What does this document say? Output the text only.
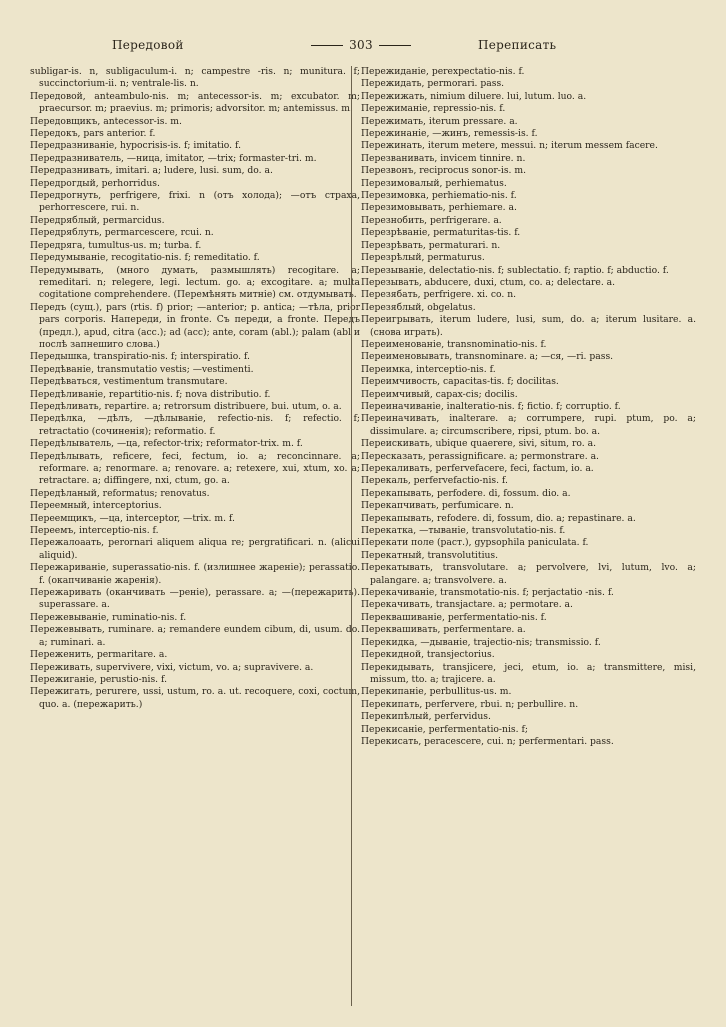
Передовой	303	Переписать

subligar-is. n, subligaculum-i. n; campestre -ris. n; munitura. f; succinctorium-ii. n; ventrale-lis. n.

Передовой, anteambulo-nis. m; antecessor-is. m; excubator. m; praecursor. m; praevius. m; primoris; advorsitor. m; antemissus. m.

Передовщикъ, antecessor-is. m.

Передокъ, pars anterior. f.

Передразниваніе, hypocrisis-is. f; imitatio. f.

Передразниватель, —ница, imitator, —trix; formaster-tri. m.

Передразнивать, imitari. a; ludere, lusi. sum, do. a.

Передрогдый, perhorridus.

Передрогнуть, perfrigere, frixi. n (отъ холода); —отъ страха, perhorrescere, rui. n.

Передряблый, permarcidus.

Передряблуть, permarcescere, rcui. n.

Передряга, tumultus-us. m; turba. f.

Передумываніе, recogitatio-nis. f; remeditatio. f.

Передумывать, (много думать, размышлять) recogitare. a; remeditari. n; relegere, legi. lectum. go. a; excogitare. a; multa cogitatione comprehendere. (Перемѣнять митніе) см. отдумывать.

Передъ (сущ.), pars (rtis. f) prior; —anterior; p. antica; —тѣла, prior pars corporis. Напереди, in fronte. Съ переди, a fronte. Передъ (предл.), apud, citra (acc.); ad (acc); ante, coram (abl.); palam (abl и послѣ запнешиго слова.)

Передышка, transpiratio-nis. f; interspiratio. f.

Передѣваніе, transmutatio vestis; —vestimenti.

Передѣваться, vestimentum transmutare.

Передѣливаніе, repartitio-nis. f; nova distributio. f.

Передѣливать, repartire. a; retrorsum distribuere, bui. utum, o. a.

Передѣлка, —дѣлъ, —дѣлываніе, refectio-nis. f; refectio. f; retractatio (сочиненія); reformatio. f.

Передѣлыватель, —ца, refector-trix; reformator-trix. m. f.

Передѣлывать, reficere, feci, fectum, io. a; reconcinnare. a; reformare. a; renormare. a; renovare. a; retexere, xui, xtum, xo. a; retractare. a; diffingere, nxi, ctum, go. a.

Передѣланый, reformatus; renovatus.

Переемный, interceptorius.

Переемщикъ, —ца, interceptor, —trix. m. f.

Переемъ, interceptio-nis. f.

Пережалоаать, perornari aliquem aliqua re; pergratificari. n. (alicui aliquid).

Пережариваніе, superassatio-nis. f. (излишнее жареніе); perassatio. f. (окапчиваніе жаренія).

Пережаривать (оканчивать —реніе), perassare. a; —(пережарить). superassare. a.

Пережевываніе, ruminatio-nis. f.

Пережевывать, ruminare. a; remandere eundem cibum, di, usum. do. a; ruminari. a.

Переженить, permaritare. a.

Переживать, supervivere, vixi, victum, vo. a; supravivere. a.

Пережиганіе, perustio-nis. f.

Пережигать, perurere, ussi, ustum, ro. a. ut. recoquere, coxi, coctum, quo. a. (пережарить.)

Пережиданіе, perexpectatio-nis. f.

Пережидать, permorari. pass.

Пережижать, nimium diluere. lui, lutum. luo. a.

Пережиманіе, repressio-nis. f.

Пережимать, iterum pressare. a.

Пережинаніе, —жинъ, remessis-is. f.

Пережинать, iterum metere, messui. n; iterum messem facere.

Перезванивать, invicem tinnire. n.

Перезвонъ, reciprocus sonor-is. m.

Перезимовалый, perhiematus.

Перезимовка, perhiematio-nis. f.

Перезимовывать, perhiemare. a.

Перезнобить, perfrigerare. a.

Перезрѣваніе, permaturitas-tis. f.

Перезрѣвать, permaturari. n.

Перезрѣлый, permaturus.

Перезываніе, delectatio-nis. f; sublectatio. f; raptio. f; abductio. f.

Перезывать, abducere, duxi, ctum, co. a; delectare. a.

Перезябать, perfrigere. xi. co. n.

Перезяблый, obgelatus.

Переигрывать, iterum ludere, lusi, sum, do. a; iterum lusitare. a. (снова играть).

Переименованіе, transnominatio-nis. f.

Переименовывать, transnominare. a; —ся, —ri. pass.

Переимка, interceptio-nis. f.

Переимчивость, capacitas-tis. f; docilitas.

Переимчивый, capax-cis; docilis.

Переиначиваніе, inalteratio-nis. f; fictio. f; corruptio. f.

Переиначивать, inalterare. a; corrumpere, rupi. ptum, po. a; dissimulare. a; circumscribere, ripsi, ptum. bo. a.

Переискивать, ubique quaerere, sivi, situm, ro. a.

Пересказать, perassignificare. a; permonstrare. a.

Перекаливать, perfervefacere, feci, factum, io. a.

Перекаль, perfervefactio-nis. f.

Перекапывать, perfodere. di, fossum. dio. a.

Перекапчивать, perfumicare. n.

Перекапывать, refodere. di, fossum, dio. a; repastinare. a.

Перекатка, —тываніе, transvolutatio-nis. f.

Перекати поле (раст.), gypsophila paniculata. f.

Перекатный, transvolutitius.

Перекатывать, transvolutare. a; pervolvere, lvi, lutum, lvo. a; palangare. a; transvolvere. a.

Перекачиваніе, transmotatio-nis. f; perjactatio -nis. f.

Перекачивать, transjactare. a; permotare. a.

Переквашиваніе, perfermentatio-nis. f.

Переквашивать, perfermentare. a.

Перекидка, —дываніе, trajectio-nis; transmissio. f.

Перекидной, transjectorius.

Перекидывать, transjicere, jeci, etum, io. a; transmittere, misi, missum, tto. a; trajicere. a.

Перекипаніе, perbullitus-us. m.

Перекипать, perfervere, rbui. n; perbullire. n.

Перекипѣлый, perfervidus.

Перекисаніе, perfermentatio-nis. f;

Перекисать, peracescere, cui. n; perfermentari. pass.
